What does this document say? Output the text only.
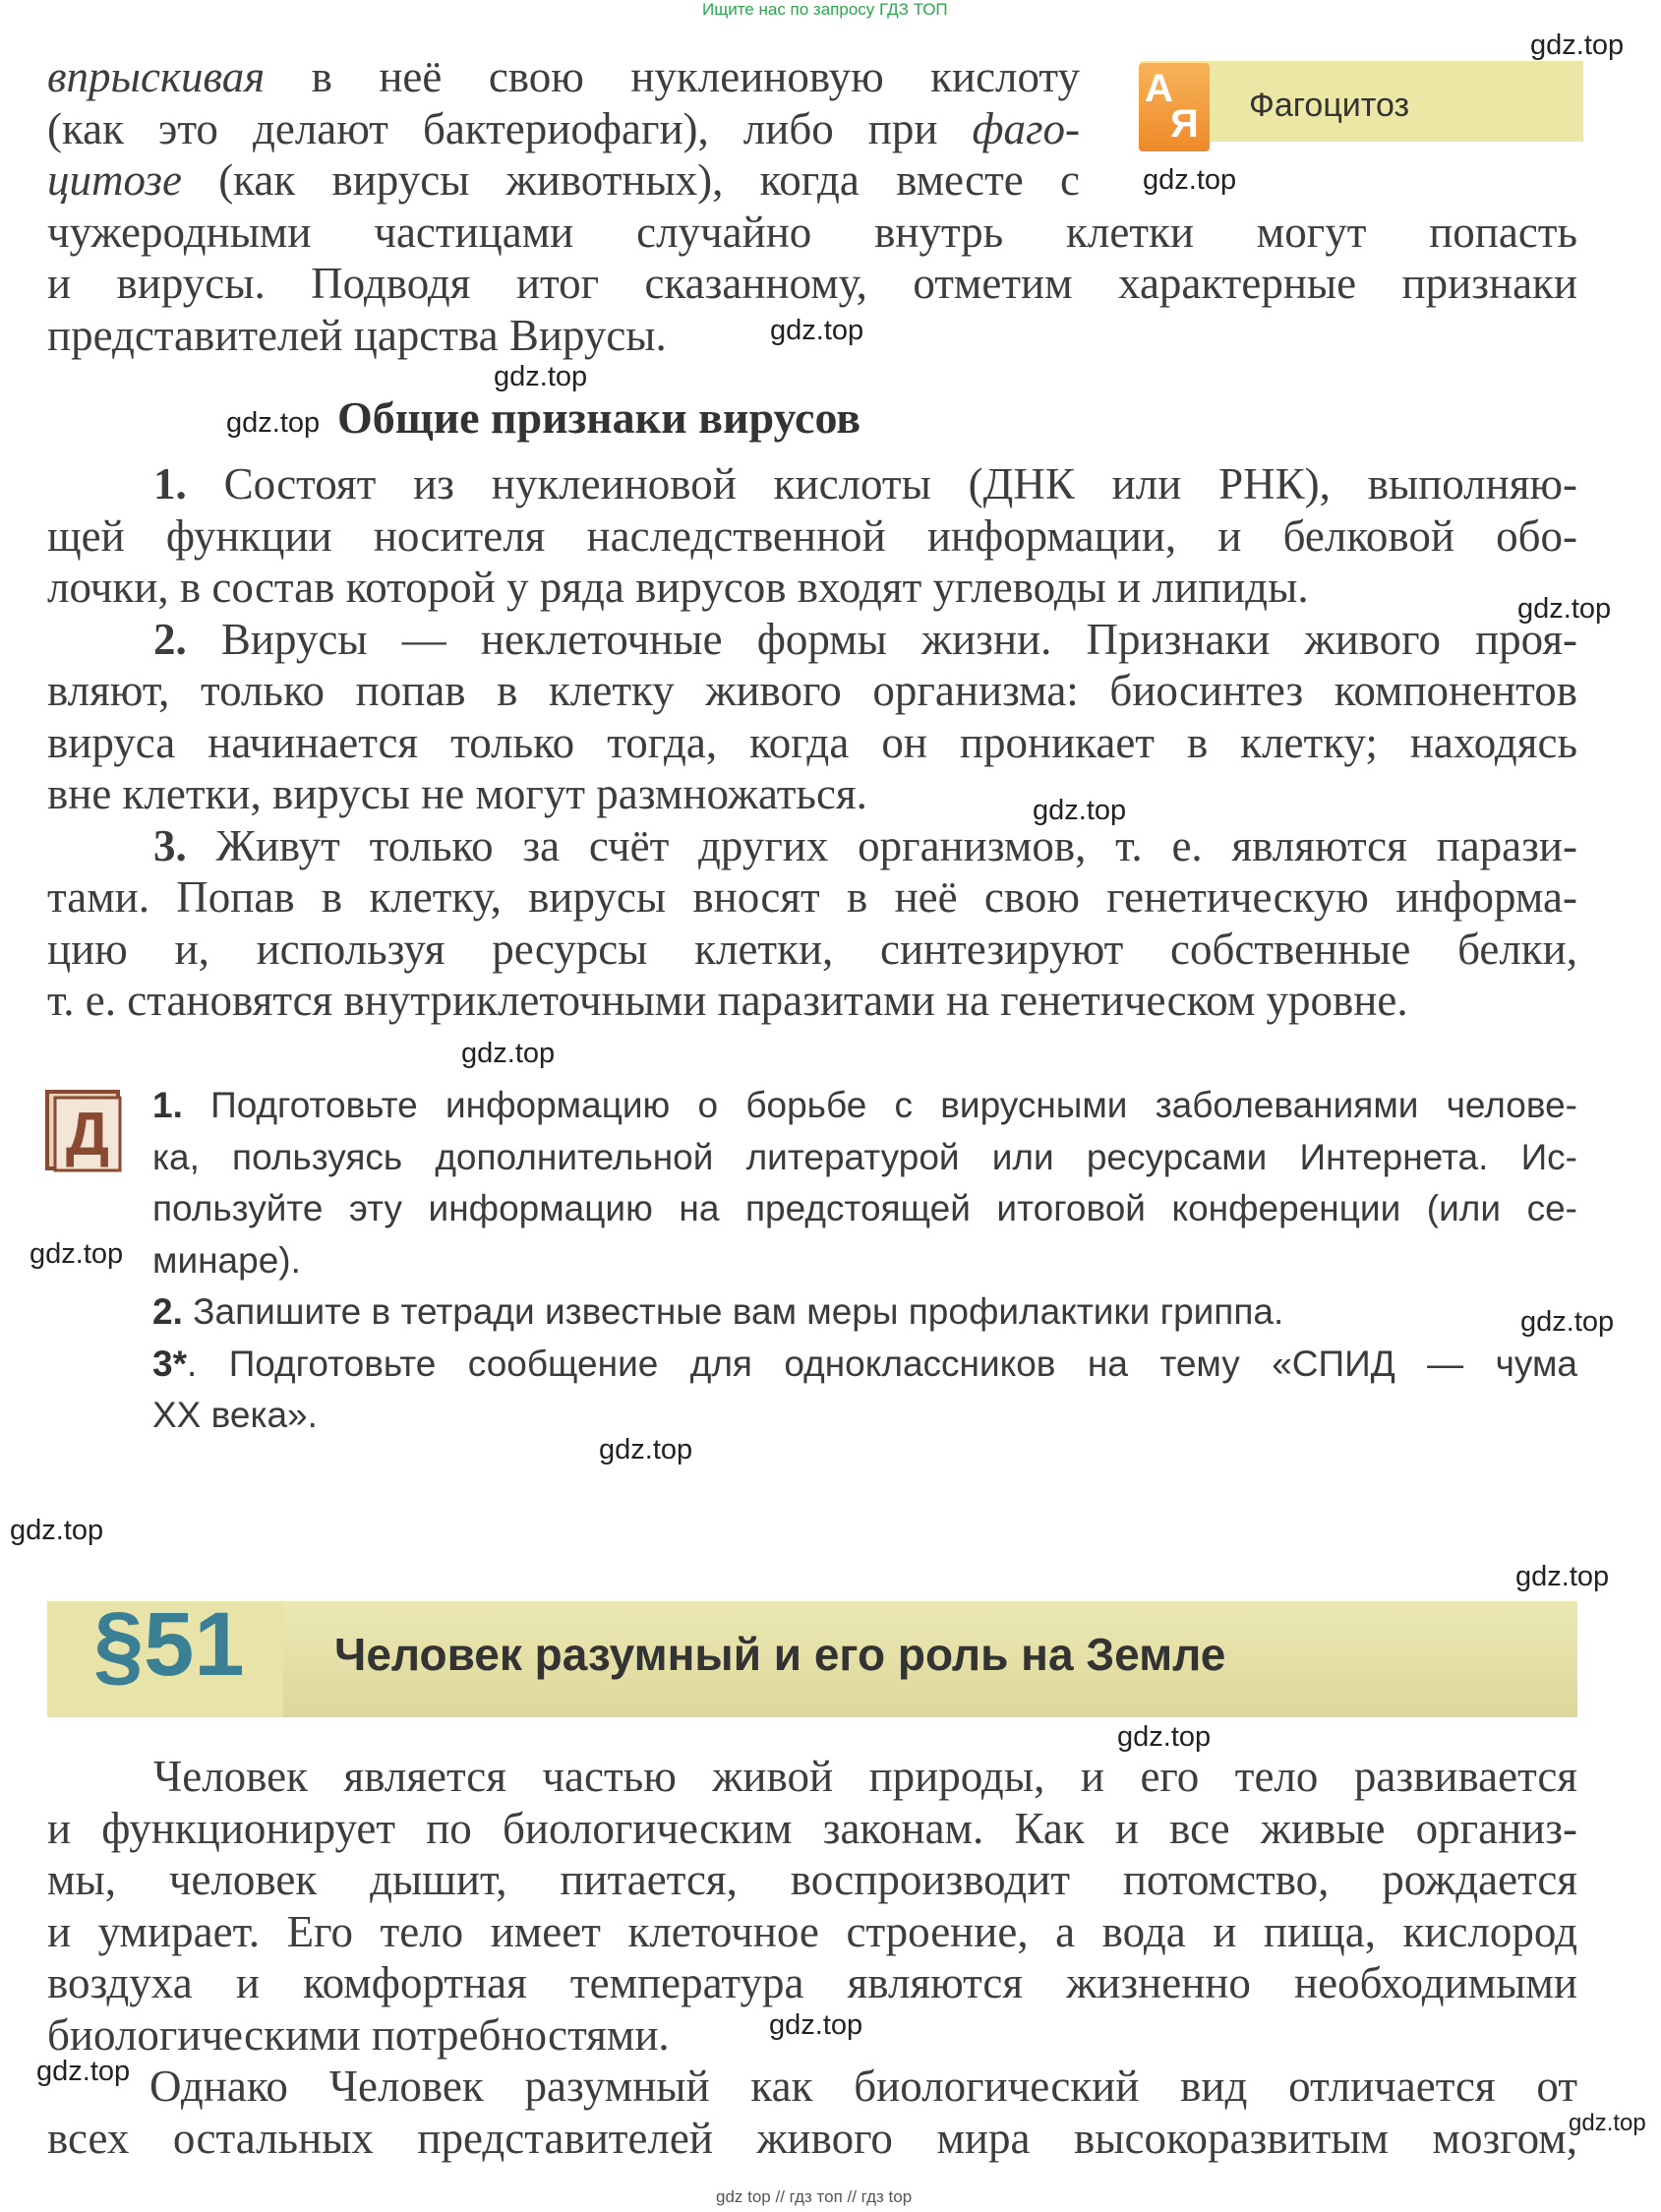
Ищите нас по запросу ГДЗ ТОП
впрыскивая в неё свою нуклеиновую кислоту
(как это делают бактериофаги), либо при фаго-
цитозе (как вирусы животных), когда вместе с
чужеродными частицами случайно внутрь клетки могут попасть
и вирусы. Подводя итог сказанному, отметим характерные признаки
представителей царства Вирусы.
А
Я Фагоцитоз
Общие признаки вирусов
1. Состоят из нуклеиновой кислоты (ДНК или РНК), выполняю-
щей функции носителя наследственной информации, и белковой обо-
лочки, в состав которой у ряда вирусов входят углеводы и липиды.
2. Вирусы — неклеточные формы жизни. Признаки живого проя-
вляют, только попав в клетку живого организма: биосинтез компонентов
вируса начинается только тогда, когда он проникает в клетку; находясь
вне клетки, вирусы не могут размножаться.
3. Живут только за счёт других организмов, т. е. являются парази-
тами. Попав в клетку, вирусы вносят в неё свою генетическую информа-
цию и, используя ресурсы клетки, синтезируют собственные белки,
т. е. становятся внутриклеточными паразитами на генетическом уровне.
Д 1. Подготовьте информацию о борьбе с вирусными заболеваниями челове-
ка, пользуясь дополнительной литературой или ресурсами Интернета. Ис-
пользуйте эту информацию на предстоящей итоговой конференции (или се-
минаре).
2. Запишите в тетради известные вам меры профилактики гриппа.
3*. Подготовьте сообщение для одноклассников на тему «СПИД — чума
XX века».
§51 Человек разумный и его роль на Земле
Человек является частью живой природы, и его тело развивается
и функционирует по биологическим законам. Как и все живые организ-
мы, человек дышит, питается, воспроизводит потомство, рождается
и умирает. Его тело имеет клеточное строение, а вода и пища, кислород
воздуха и комфортная температура являются жизненно необходимыми
биологическими потребностями.
Однако Человек разумный как биологический вид отличается от
всех остальных представителей живого мира высокоразвитым мозгом,
gdz.top
gdz.top
gdz.top
gdz.top
gdz.top
gdz.top
gdz.top
gdz.top
gdz.top
gdz.top
gdz.top
gdz.top
gdz.top
gdz.top
gdz.top
gdz.top
gdz.top
gdz top // гдз топ // гдз top
